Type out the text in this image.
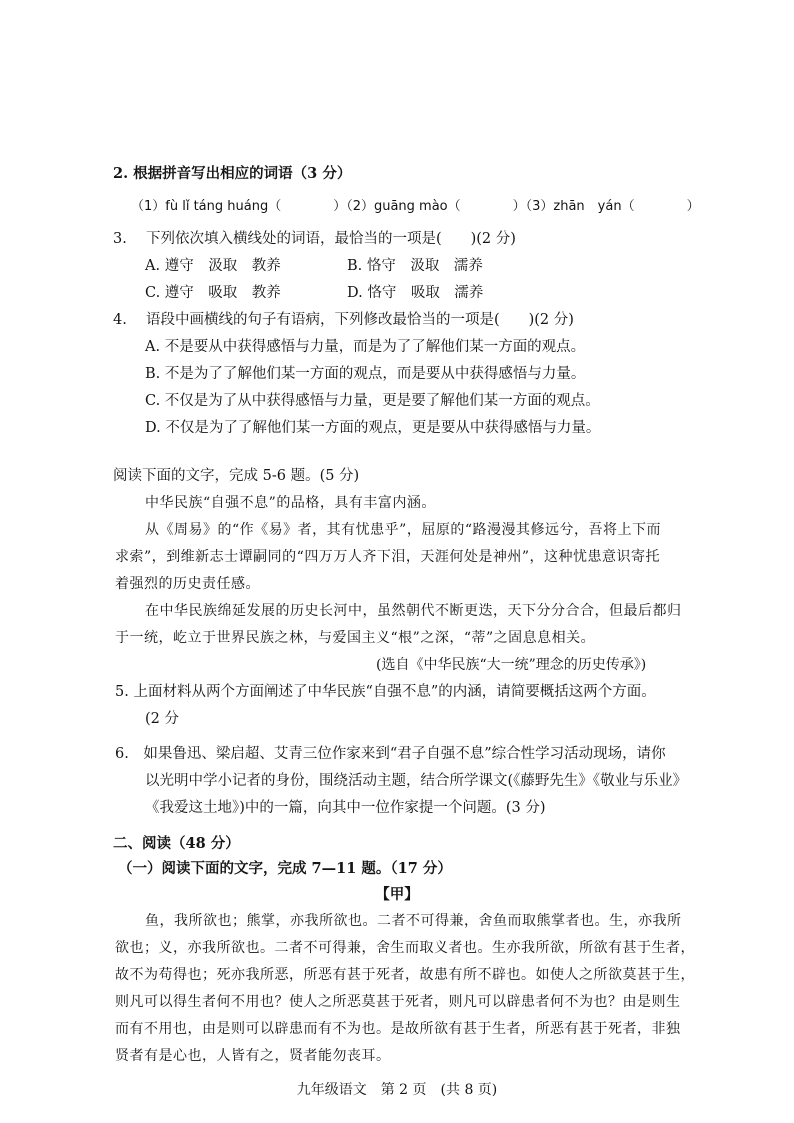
2. 根据拼音写出相应的词语（3 分）
（1）fù lǐ táng huáng（　　　　）（2）guāng mào（　　　　）（3）zhān　yán（　　　　）
3.　 下列依次填入横线处的词语，最恰当的一项是(　　)(2 分)
A. 遵守　汲取　教养	B. 恪守　汲取　濡养
C. 遵守　吸取　教养	D. 恪守　吸取　濡养
4.　 语段中画横线的句子有语病，下列修改最恰当的一项是(　　)(2 分)
A. 不是要从中获得感悟与力量，而是为了了解他们某一方面的观点。
B. 不是为了了解他们某一方面的观点，而是要从中获得感悟与力量。
C. 不仅是为了从中获得感悟与力量，更是要了解他们某一方面的观点。
D. 不仅是为了了解他们某一方面的观点，更是要从中获得感悟与力量。
阅读下面的文字，完成 5-6 题。(5 分)
中华民族“自强不息”的品格，具有丰富内涵。
从《周易》的“作《易》者，其有忧患乎”，屈原的“路漫漫其修远兮，吾将上下而
求索”，到维新志士谭嗣同的“四万万人齐下泪，天涯何处是神州”，这种忧患意识寄托
着强烈的历史责任感。
在中华民族绵延发展的历史长河中，虽然朝代不断更迭，天下分分合合，但最后都归
于一统，屹立于世界民族之林，与爱国主义“根”之深，“蒂”之固息息相关。
(选自《中华民族“大一统”理念的历史传承》)
5. 上面材料从两个方面阐述了中华民族“自强不息”的内涵，请简要概括这两个方面。
(2 分
6.　如果鲁迅、梁启超、艾青三位作家来到“君子自强不息”综合性学习活动现场，请你
以光明中学小记者的身份，围绕活动主题，结合所学课文(《藤野先生》《敬业与乐业》
《我爱这土地》)中的一篇，向其中一位作家提一个问题。(3 分)
二、阅读（48 分）
（一）阅读下面的文字，完成 7—11 题。（17 分）
【甲】
鱼，我所欲也；熊掌，亦我所欲也。二者不可得兼，舍鱼而取熊掌者也。生，亦我所
欲也；义，亦我所欲也。二者不可得兼，舍生而取义者也。生亦我所欲，所欲有甚于生者，
故不为苟得也；死亦我所恶，所恶有甚于死者，故患有所不辟也。如使人之所欲莫甚于生，
则凡可以得生者何不用也？使人之所恶莫甚于死者，则凡可以辟患者何不为也？由是则生
而有不用也，由是则可以辟患而有不为也。是故所欲有甚于生者，所恶有甚于死者，非独
贤者有是心也，人皆有之，贤者能勿丧耳。
九年级语文　第 2 页　(共 8 页)
